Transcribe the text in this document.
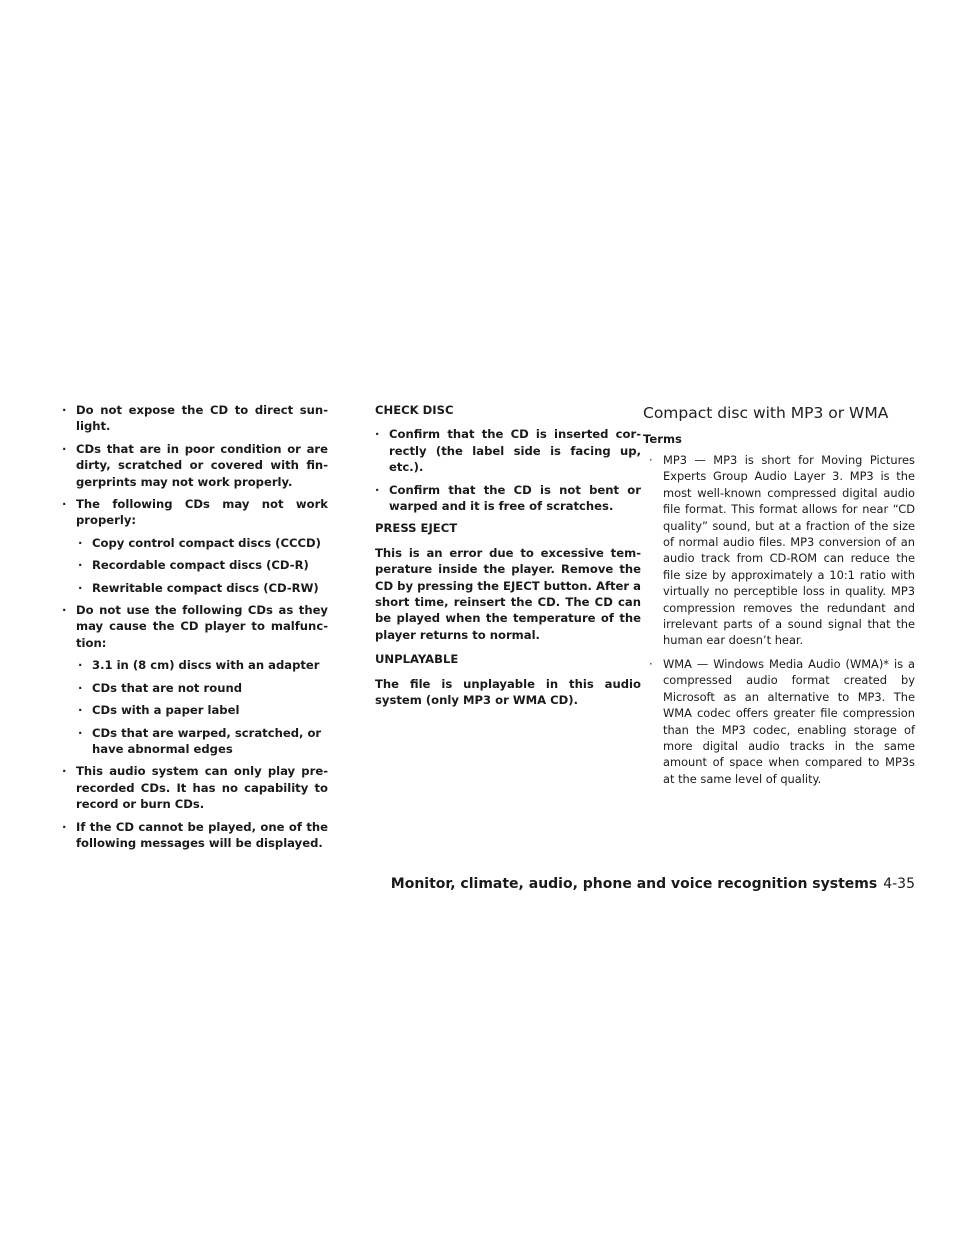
· Do not expose the CD to direct sunlight.
· CDs that are in poor condition or are dirty, scratched or covered with fingerprints may not work properly.
· The following CDs may not work properly:
· Copy control compact discs (CCCD)
· Recordable compact discs (CD-R)
· Rewritable compact discs (CD-RW)
· Do not use the following CDs as they may cause the CD player to malfunction:
· 3.1 in (8 cm) discs with an adapter
· CDs that are not round
· CDs with a paper label
· CDs that are warped, scratched, or have abnormal edges
· This audio system can only play prerecorded CDs. It has no capability to record or burn CDs.
· If the CD cannot be played, one of the following messages will be displayed.
CHECK DISC
· Confirm that the CD is inserted correctly (the label side is facing up, etc.).
· Confirm that the CD is not bent or warped and it is free of scratches.
PRESS EJECT
This is an error due to excessive temperature inside the player. Remove the CD by pressing the EJECT button. After a short time, reinsert the CD. The CD can be played when the temperature of the player returns to normal.
UNPLAYABLE
The file is unplayable in this audio system (only MP3 or WMA CD).
Compact disc with MP3 or WMA
Terms
· MP3 — MP3 is short for Moving Pictures Experts Group Audio Layer 3. MP3 is the most well-known compressed digital audio file format. This format allows for near “CD quality” sound, but at a fraction of the size of normal audio files. MP3 conversion of an audio track from CD-ROM can reduce the file size by approximately a 10:1 ratio with virtually no perceptible loss in quality. MP3 compression removes the redundant and irrelevant parts of a sound signal that the human ear doesn’t hear.
· WMA — Windows Media Audio (WMA)* is a compressed audio format created by Microsoft as an alternative to MP3. The WMA codec offers greater file compression than the MP3 codec, enabling storage of more digital audio tracks in the same amount of space when compared to MP3s at the same level of quality.
Monitor, climate, audio, phone and voice recognition systems 4-35
